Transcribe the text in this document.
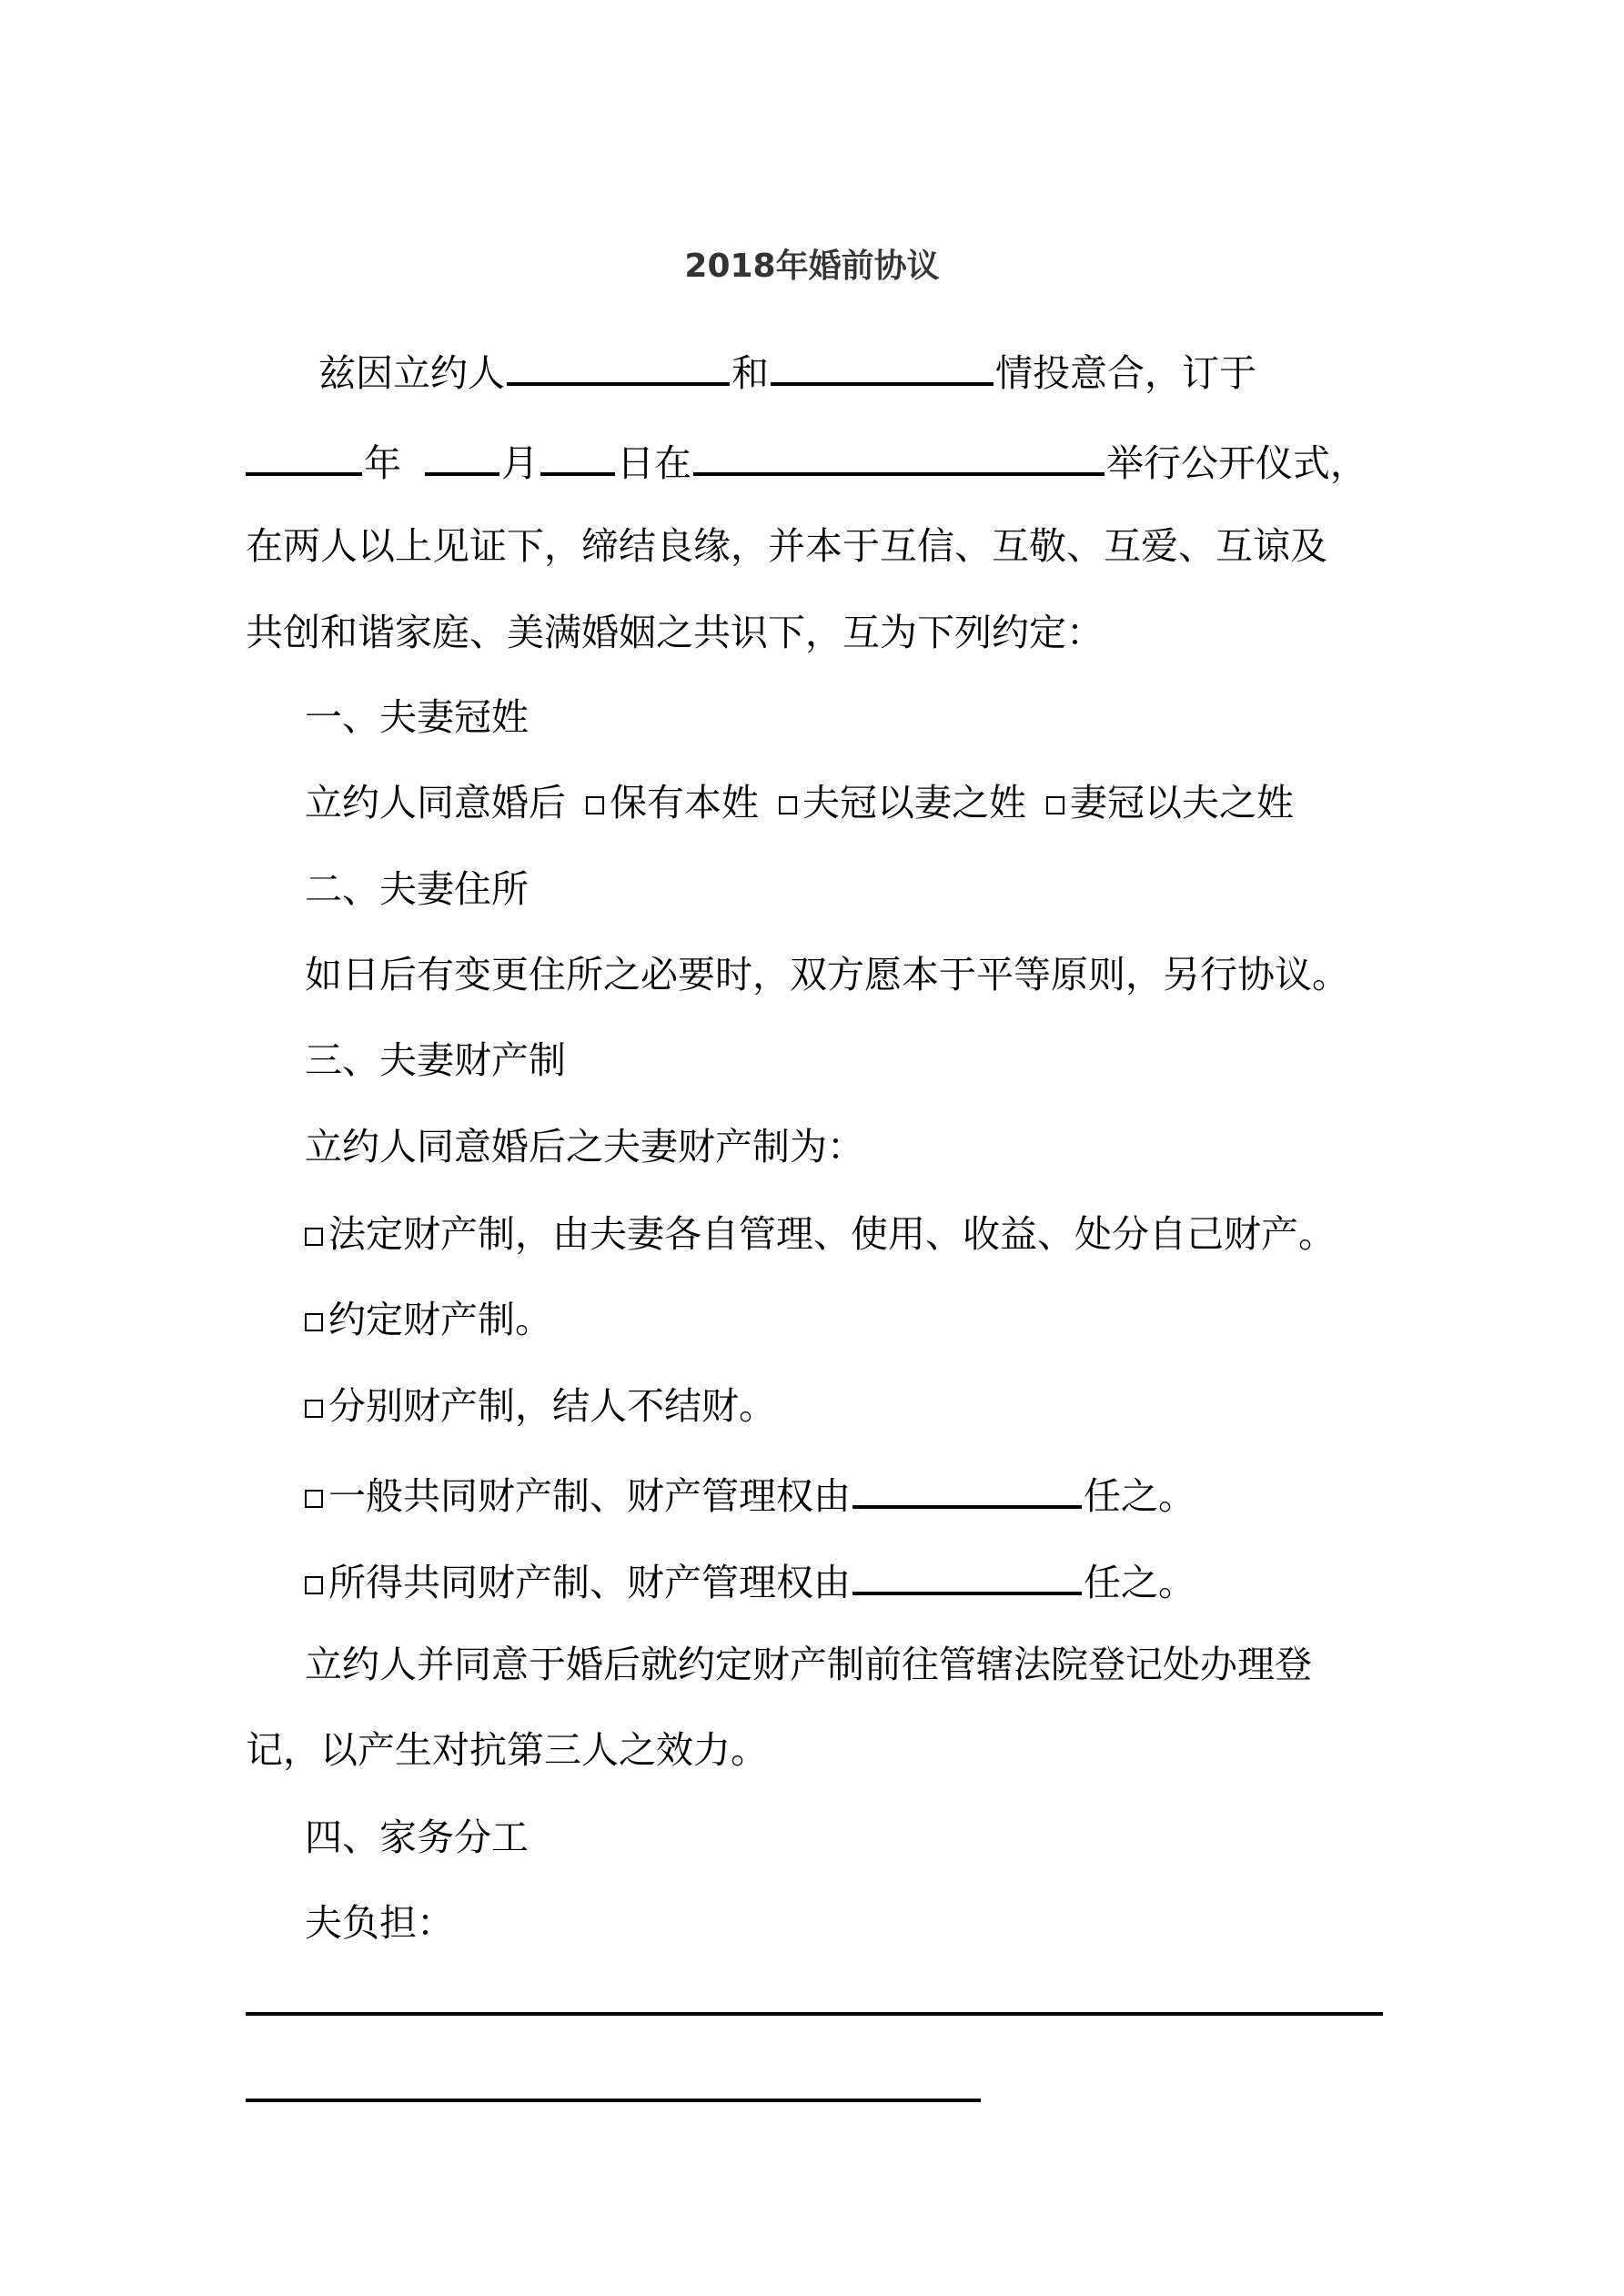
2018年婚前协议
兹因立约人	和	情投意合，订于
年	月 日在	举行公开仪式，
在两人以上见证下，缔结良缘，并本于互信、互敬、互爱、互谅及
共创和谐家庭、美满婚姻之共识下，互为下列约定：
一、夫妻冠姓
立约人同意婚后 保有本姓 夫冠以妻之姓 妻冠以夫之姓
二、夫妻住所
如日后有变更住所之必要时，双方愿本于平等原则，另行协议。
三、夫妻财产制
立约人同意婚后之夫妻财产制为：
法定财产制，由夫妻各自管理、使用、收益、处分自己财产。
约定财产制。
分别财产制，结人不结财。
一般共同财产制、财产管理权由	任之。
所得共同财产制、财产管理权由	任之。
立约人并同意于婚后就约定财产制前往管辖法院登记处办理登
记，以产生对抗第三人之效力。
四、家务分工
夫负担：
